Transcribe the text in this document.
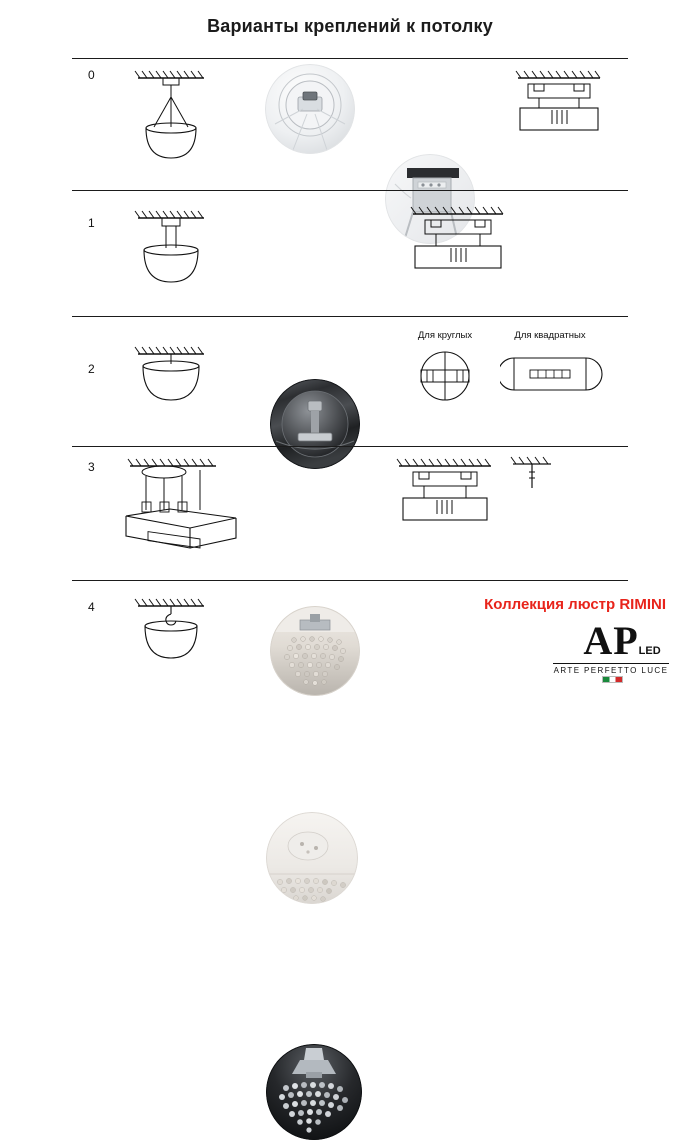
Варианты креплений к потолку
0
1
2
Для круглых	Для квадратных
3
4	Коллекция люстр RIMINI
AP LED
ARTE PERFETTO LUCE
